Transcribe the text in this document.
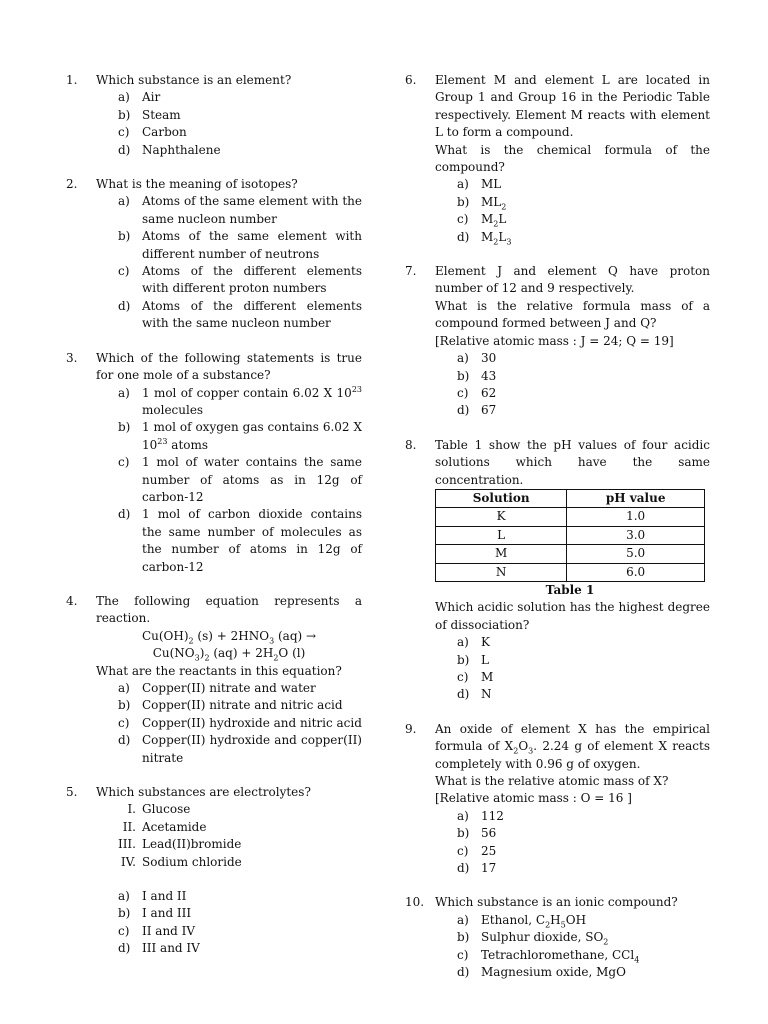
1. Which substance is an element?
a) Air
b) Steam
c) Carbon
d) Naphthalene
2. What is the meaning of isotopes?
a) Atoms of the same element with the same nucleon number
b) Atoms of the same element with different number of neutrons
c) Atoms of the different elements with different proton numbers
d) Atoms of the different elements with the same nucleon number
3. Which of the following statements is true for one mole of a substance?
a) 1 mol of copper contain 6.02 X $10^{23}$ molecules
b) 1 mol of oxygen gas contains 6.02 X $10^{23}$ atoms
c) 1 mol of water contains the same number of atoms as in 12g of carbon-12
d) 1 mol of carbon dioxide contains the same number of molecules as the number of atoms in 12g of carbon-12
4. The following equation represents a reaction.
$Cu(OH)_2$ $(s) + 2HNO_3$ (aq) →
$Cu(NO_3)_2$ $(aq) + 2H_2O$ (l)
What are the reactants in this equation?
a) Copper(II) nitrate and water
b) Copper(II) nitrate and nitric acid
c) Copper(II) hydroxide and nitric acid
d) Copper(II) hydroxide and copper(II) nitrate
5. Which substances are electrolytes?
I. Glucose
II. Acetamide
III. Lead(II)bromide
IV. Sodium chloride
a) I and II
b) I and III
c) II and IV
d) III and IV
6. Element M and element L are located in Group 1 and Group 16 in the Periodic Table respectively. Element M reacts with element L to form a compound.
What is the chemical formula of the compound?
a) ML
b) $ML_2$
c) $M_2L$
d) $M_2L_3$
7. Element J and element Q have proton number of 12 and 9 respectively.
What is the relative formula mass of a compound formed between J and Q?
[Relative atomic mass : J = 24; Q = 19]
a) 30
b) 43
c) 62
d) 67
8. Table 1 show the pH values of four acidic solutions which have the same concentration.
Solution	pH value
K	1.0
L	3.0
M	5.0
N	6.0
Table 1
Which acidic solution has the highest degree of dissociation?
a) K
b) L
c) M
d) N
9. An oxide of element X has the empirical formula of $X_2O_3$. 2.24 g of element X reacts completely with 0.96 g of oxygen.
What is the relative atomic mass of X?
[Relative atomic mass : O = 16 ]
a) 112
b) 56
c) 25
d) 17
10. Which substance is an ionic compound?
a) Ethanol, $C_2H_5OH$
b) Sulphur dioxide, $SO_2$
c) Tetrachloromethane, CCl$_4$
d) Magnesium oxide, MgO
